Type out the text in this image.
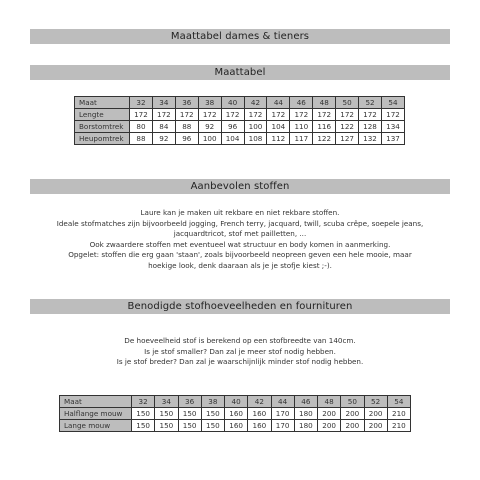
Maattabel dames & tieners
Maattabel
Maat	32	34	36	38	40	42	44	46	48	50	52	54
Lengte	172	172	172	172	172	172	172	172	172	172	172	172
Borstomtrek	80	84	88	92	96	100	104	110	116	122	128	134
Heupomtrek	88	92	96	100	104	108	112	117	122	127	132	137
Aanbevolen stoffen
Laure kan je maken uit rekbare en niet rekbare stoffen.
Ideale stofmatches zijn bijvoorbeeld jogging, French terry, jacquard, twill, scuba crêpe, soepele jeans,
jacquardtricot, stof met pailletten, ...
Ook zwaardere stoffen met eventueel wat structuur en body komen in aanmerking.
Opgelet: stoffen die erg gaan 'staan', zoals bijvoorbeeld neopreen geven een hele mooie, maar
hoekige look, denk daaraan als je je stofje kiest ;-).
Benodigde stofhoeveelheden en fournituren
De hoeveelheid stof is berekend op een stofbreedte van 140cm.
Is je stof smaller? Dan zal je meer stof nodig hebben.
Is je stof breder? Dan zal je waarschijnlijk minder stof nodig hebben.
Maat	32	34	36	38	40	42	44	46	48	50	52	54
Halflange mouw	150	150	150	150	160	160	170	180	200	200	200	210
Lange mouw	150	150	150	150	160	160	170	180	200	200	200	210
